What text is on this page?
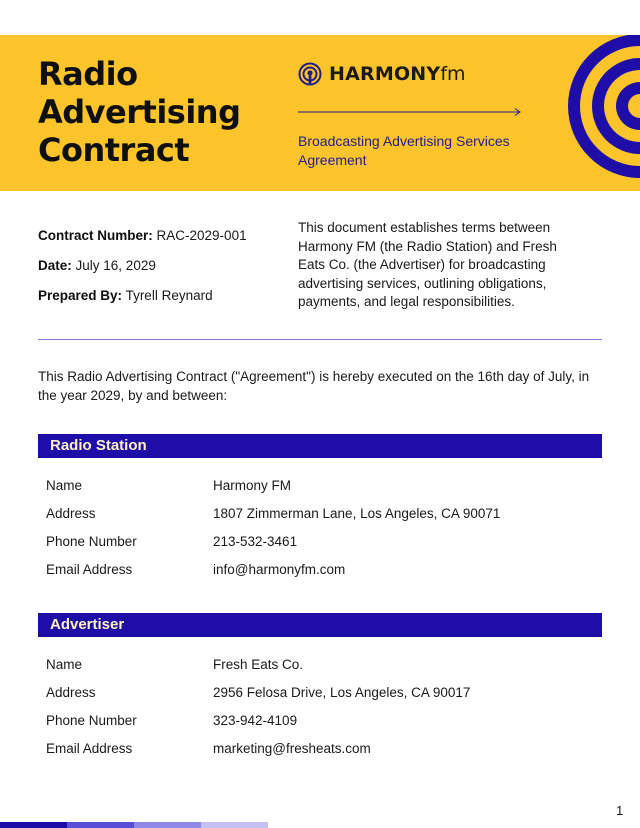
Radio
Advertising
Contract
HARMONY fm
Broadcasting Advertising Services Agreement
Contract Number: RAC-2029-001
Date: July 16, 2029
Prepared By: Tyrell Reynard
This document establishes terms between Harmony FM (the Radio Station) and Fresh Eats Co. (the Advertiser) for broadcasting advertising services, outlining obligations, payments, and legal responsibilities.
This Radio Advertising Contract ("Agreement") is hereby executed on the 16th day of July, in the year 2029, by and between:
Radio Station
Name	Harmony FM
Address	1807 Zimmerman Lane, Los Angeles, CA 90071
Phone Number	213-532-3461
Email Address	info@harmonyfm.com
Advertiser
Name	Fresh Eats Co.
Address	2956 Felosa Drive, Los Angeles, CA 90017
Phone Number	323-942-4109
Email Address	marketing@fresheats.com
1
